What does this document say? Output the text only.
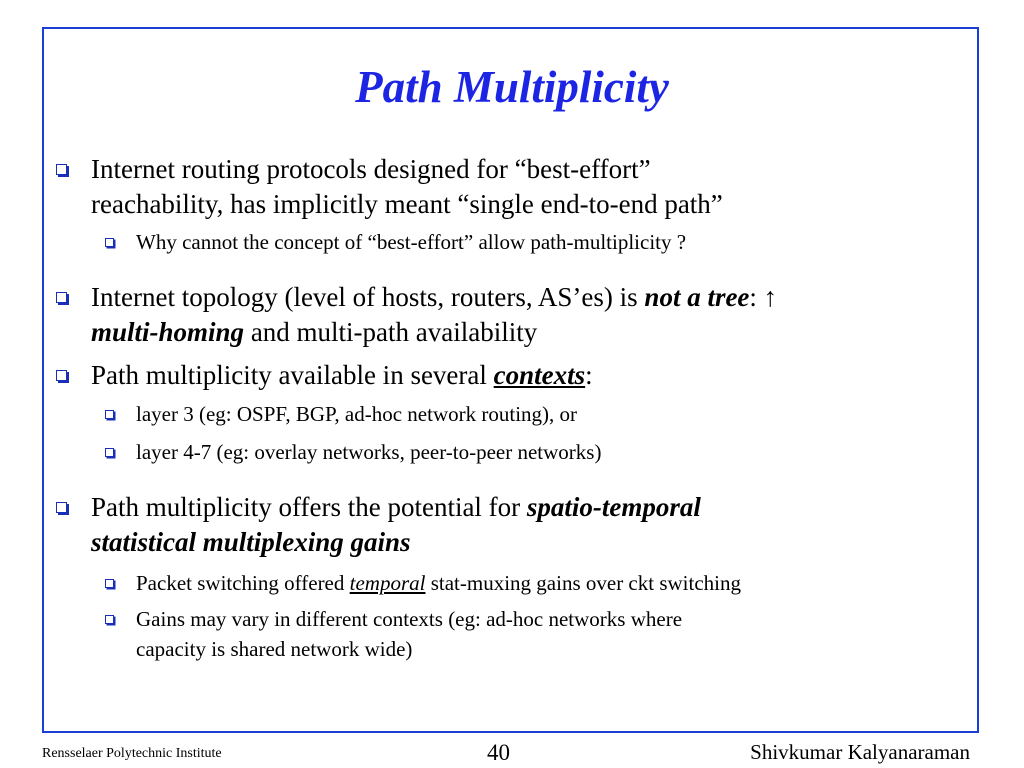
Path Multiplicity
Internet routing protocols designed for “best-effort”
reachability, has implicitly meant “single end-to-end path”
Why cannot the concept of “best-effort” allow path-multiplicity ?
Internet topology (level of hosts, routers, AS’es) is not a tree: ↑
multi-homing and multi-path availability
Path multiplicity available in several contexts:
layer 3 (eg: OSPF, BGP, ad-hoc network routing), or
layer 4-7 (eg: overlay networks, peer-to-peer networks)
Path multiplicity offers the potential for spatio-temporal
statistical multiplexing gains
Packet switching offered temporal stat-muxing gains over ckt switching
Gains may vary in different contexts (eg: ad-hoc networks where
capacity is shared network wide)
Rensselaer Polytechnic Institute	40	Shivkumar Kalyanaraman
